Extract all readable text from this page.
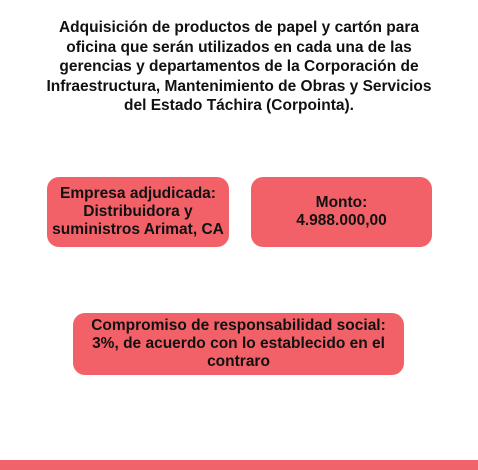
Adquisición de productos de papel y cartón para
oficina que serán utilizados en cada una de las
gerencias y departamentos de la Corporación de
Infraestructura, Mantenimiento de Obras y Servicios
del Estado Táchira (Corpointa).
Empresa adjudicada:
Distribuidora y
suministros Arimat, CA
Monto:
4.988.000,00
Compromiso de responsabilidad social:
3%, de acuerdo con lo establecido en el
contraro
